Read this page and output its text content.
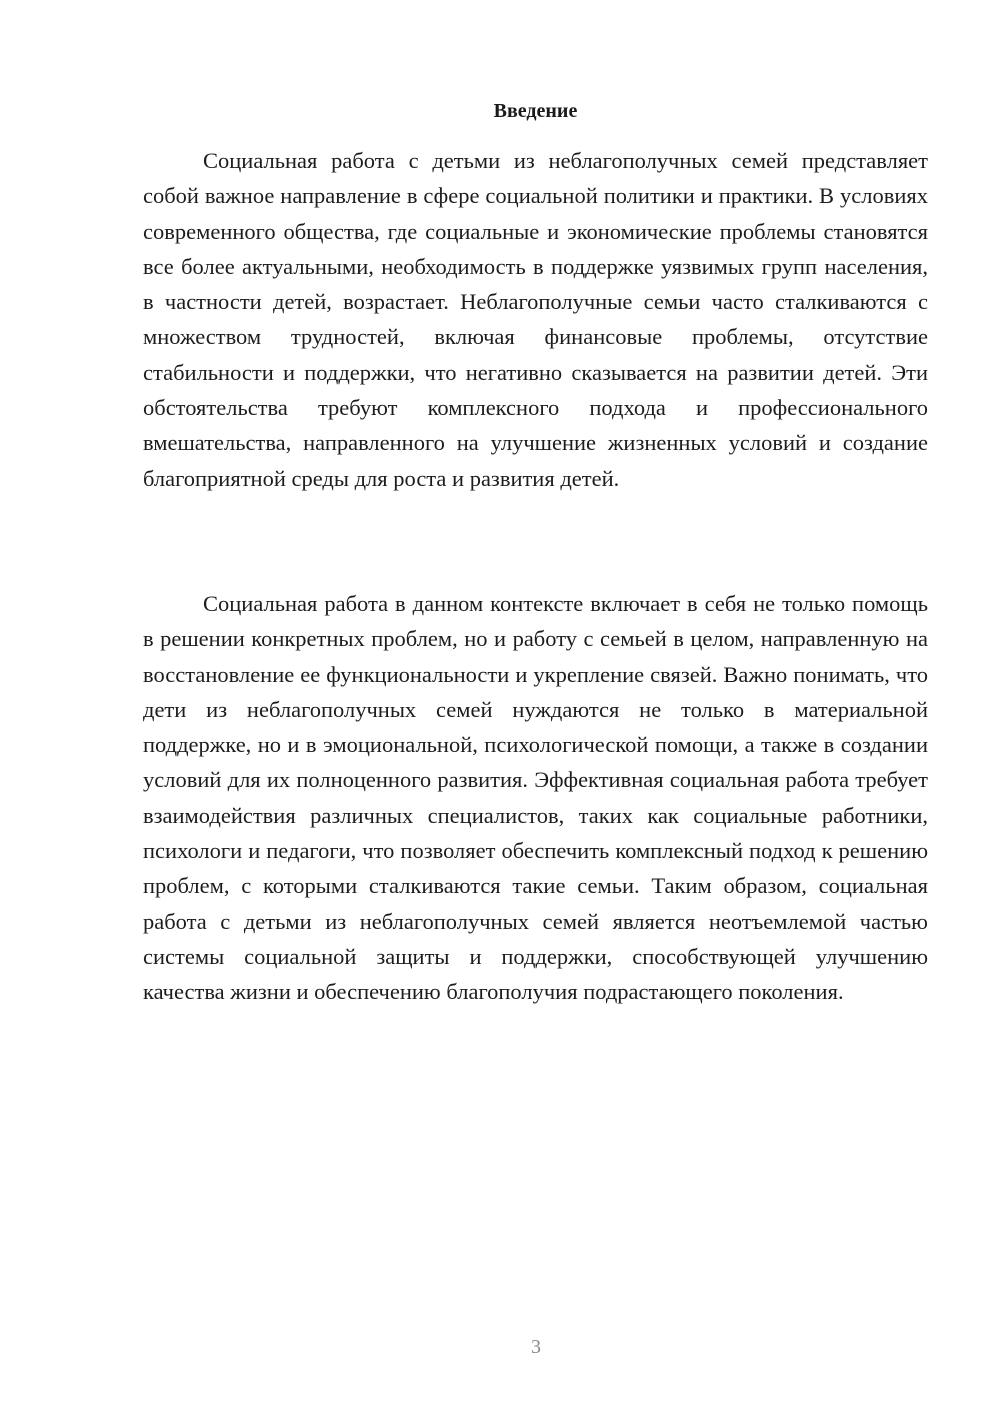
Введение

Социальная работа с детьми из неблагополучных семей представляет собой важное направление в сфере социальной политики и практики. В условиях современного общества, где социальные и экономические проблемы становятся все более актуальными, необходимость в поддержке уязвимых групп населения, в частности детей, возрастает. Неблагополучные семьи часто сталкиваются с множеством трудностей, включая финансовые проблемы, отсутствие стабильности и поддержки, что негативно сказывается на развитии детей. Эти обстоятельства требуют комплексного подхода и профессионального вмешательства, направленного на улучшение жизненных условий и создание благоприятной среды для роста и развития детей.

Социальная работа в данном контексте включает в себя не только помощь в решении конкретных проблем, но и работу с семьей в целом, направленную на восстановление ее функциональности и укрепление связей. Важно понимать, что дети из неблагополучных семей нуждаются не только в материальной поддержке, но и в эмоциональной, психологической помощи, а также в создании условий для их полноценного развития. Эффективная социальная работа требует взаимодействия различных специалистов, таких как социальные работники, психологи и педагоги, что позволяет обеспечить комплексный подход к решению проблем, с которыми сталкиваются такие семьи. Таким образом, социальная работа с детьми из неблагополучных семей является неотъемлемой частью системы социальной защиты и поддержки, способствующей улучшению качества жизни и обеспечению благополучия подрастающего поколения.

3
